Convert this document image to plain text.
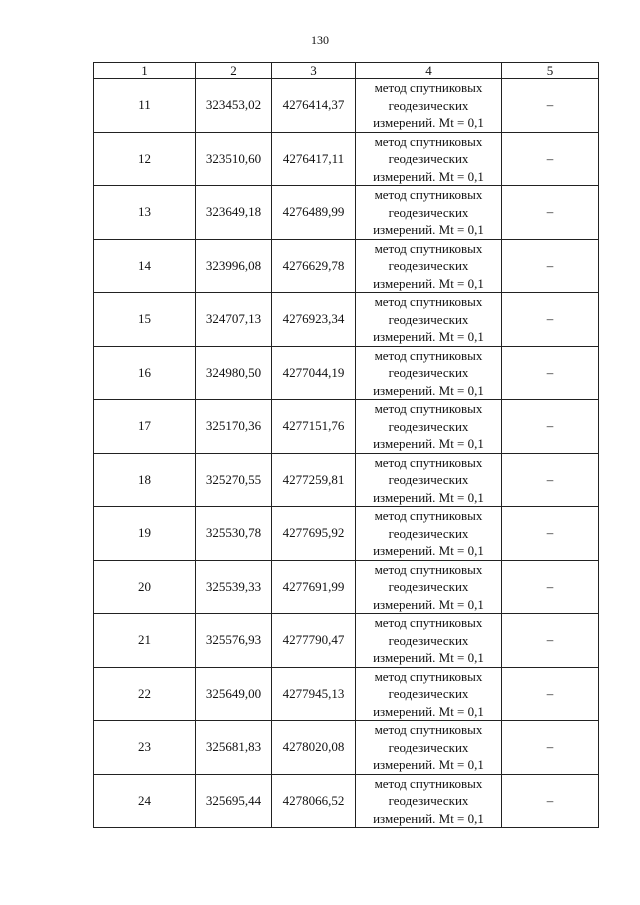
130
1	2	3	4	5
11	323453,02	4276414,37	метод спутниковых
геодезических
измерений. Mt = 0,1	–
12	323510,60	4276417,11	метод спутниковых
геодезических
измерений. Mt = 0,1	–
13	323649,18	4276489,99	метод спутниковых
геодезических
измерений. Mt = 0,1	–
14	323996,08	4276629,78	метод спутниковых
геодезических
измерений. Mt = 0,1	–
15	324707,13	4276923,34	метод спутниковых
геодезических
измерений. Mt = 0,1	–
16	324980,50	4277044,19	метод спутниковых
геодезических
измерений. Mt = 0,1	–
17	325170,36	4277151,76	метод спутниковых
геодезических
измерений. Mt = 0,1	–
18	325270,55	4277259,81	метод спутниковых
геодезических
измерений. Mt = 0,1	–
19	325530,78	4277695,92	метод спутниковых
геодезических
измерений. Mt = 0,1	–
20	325539,33	4277691,99	метод спутниковых
геодезических
измерений. Mt = 0,1	–
21	325576,93	4277790,47	метод спутниковых
геодезических
измерений. Mt = 0,1	–
22	325649,00	4277945,13	метод спутниковых
геодезических
измерений. Mt = 0,1	–
23	325681,83	4278020,08	метод спутниковых
геодезических
измерений. Mt = 0,1	–
24	325695,44	4278066,52	метод спутниковых
геодезических
измерений. Mt = 0,1	–
